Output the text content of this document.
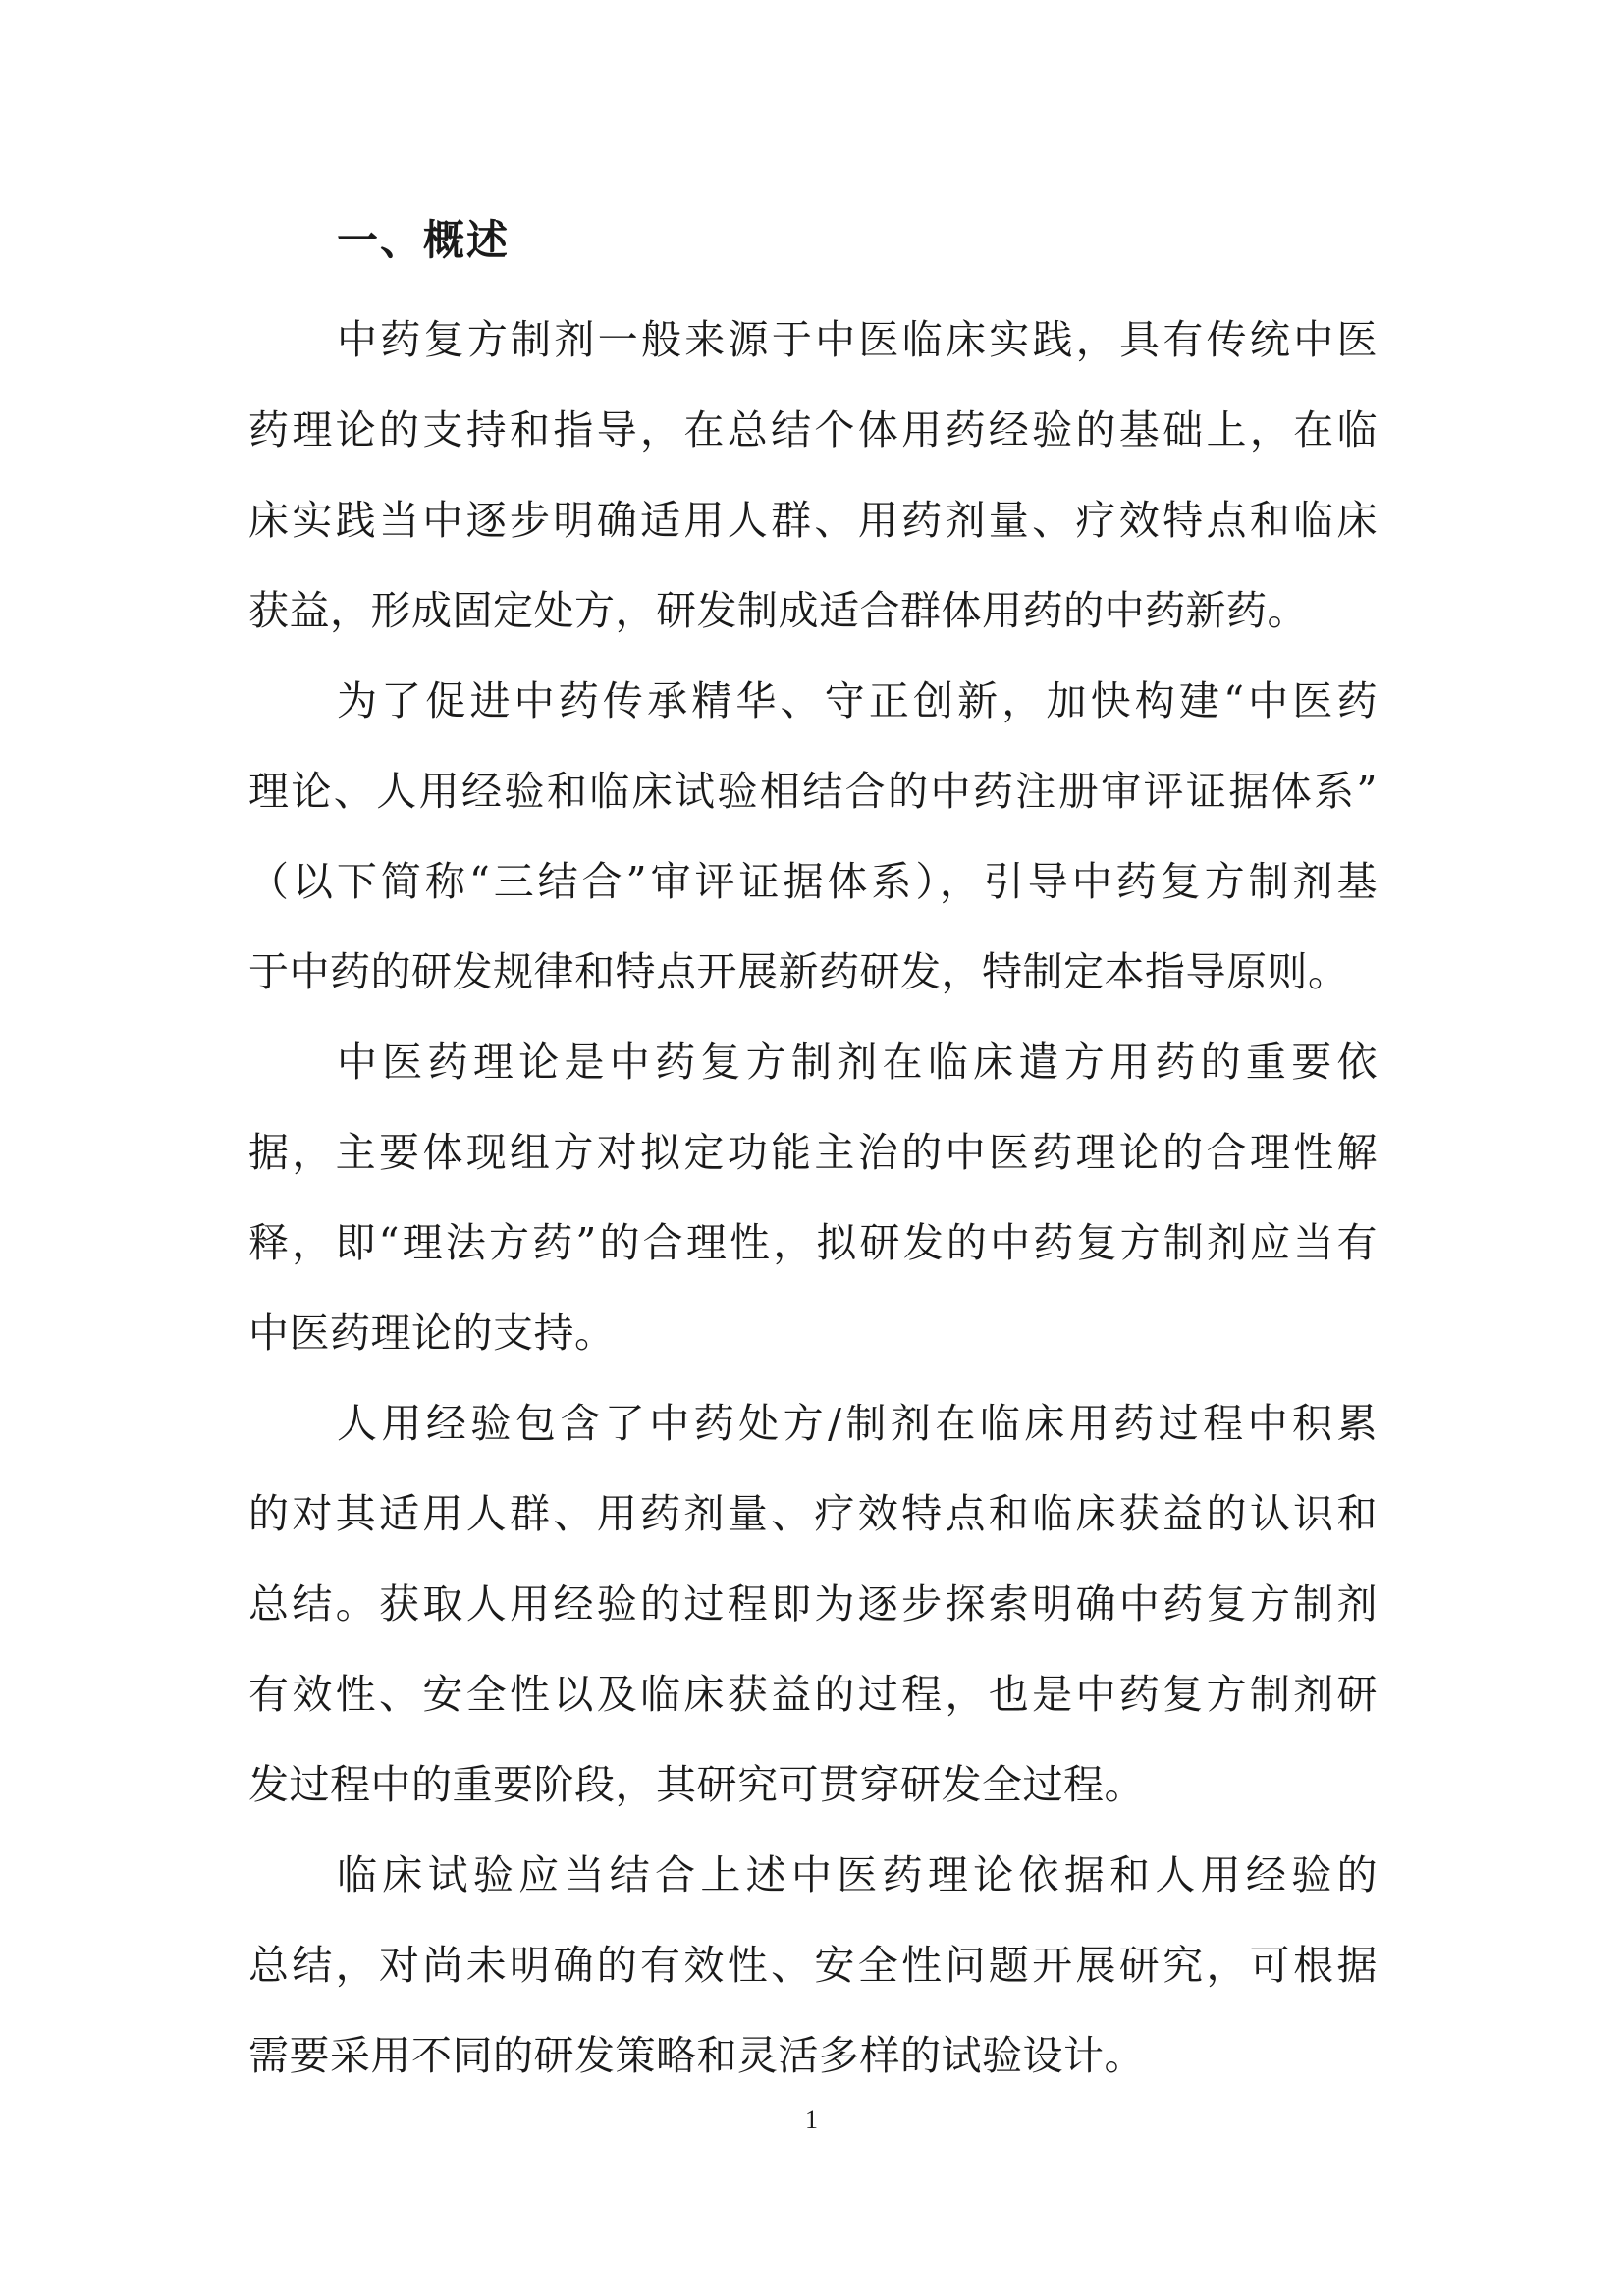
一、概述

中药复方制剂一般来源于中医临床实践，具有传统中医
药理论的支持和指导，在总结个体用药经验的基础上，在临
床实践当中逐步明确适用人群、用药剂量、疗效特点和临床
获益，形成固定处方，研发制成适合群体用药的中药新药。

为了促进中药传承精华、守正创新，加快构建“中医药
理论、人用经验和临床试验相结合的中药注册审评证据体系”
（以下简称“三结合”审评证据体系），引导中药复方制剂基
于中药的研发规律和特点开展新药研发，特制定本指导原则。

中医药理论是中药复方制剂在临床遣方用药的重要依
据，主要体现组方对拟定功能主治的中医药理论的合理性解
释，即“理法方药”的合理性，拟研发的中药复方制剂应当有
中医药理论的支持。

人用经验包含了中药处方/制剂在临床用药过程中积累
的对其适用人群、用药剂量、疗效特点和临床获益的认识和
总结。获取人用经验的过程即为逐步探索明确中药复方制剂
有效性、安全性以及临床获益的过程，也是中药复方制剂研
发过程中的重要阶段，其研究可贯穿研发全过程。

临床试验应当结合上述中医药理论依据和人用经验的
总结，对尚未明确的有效性、安全性问题开展研究，可根据
需要采用不同的研发策略和灵活多样的试验设计。

1
